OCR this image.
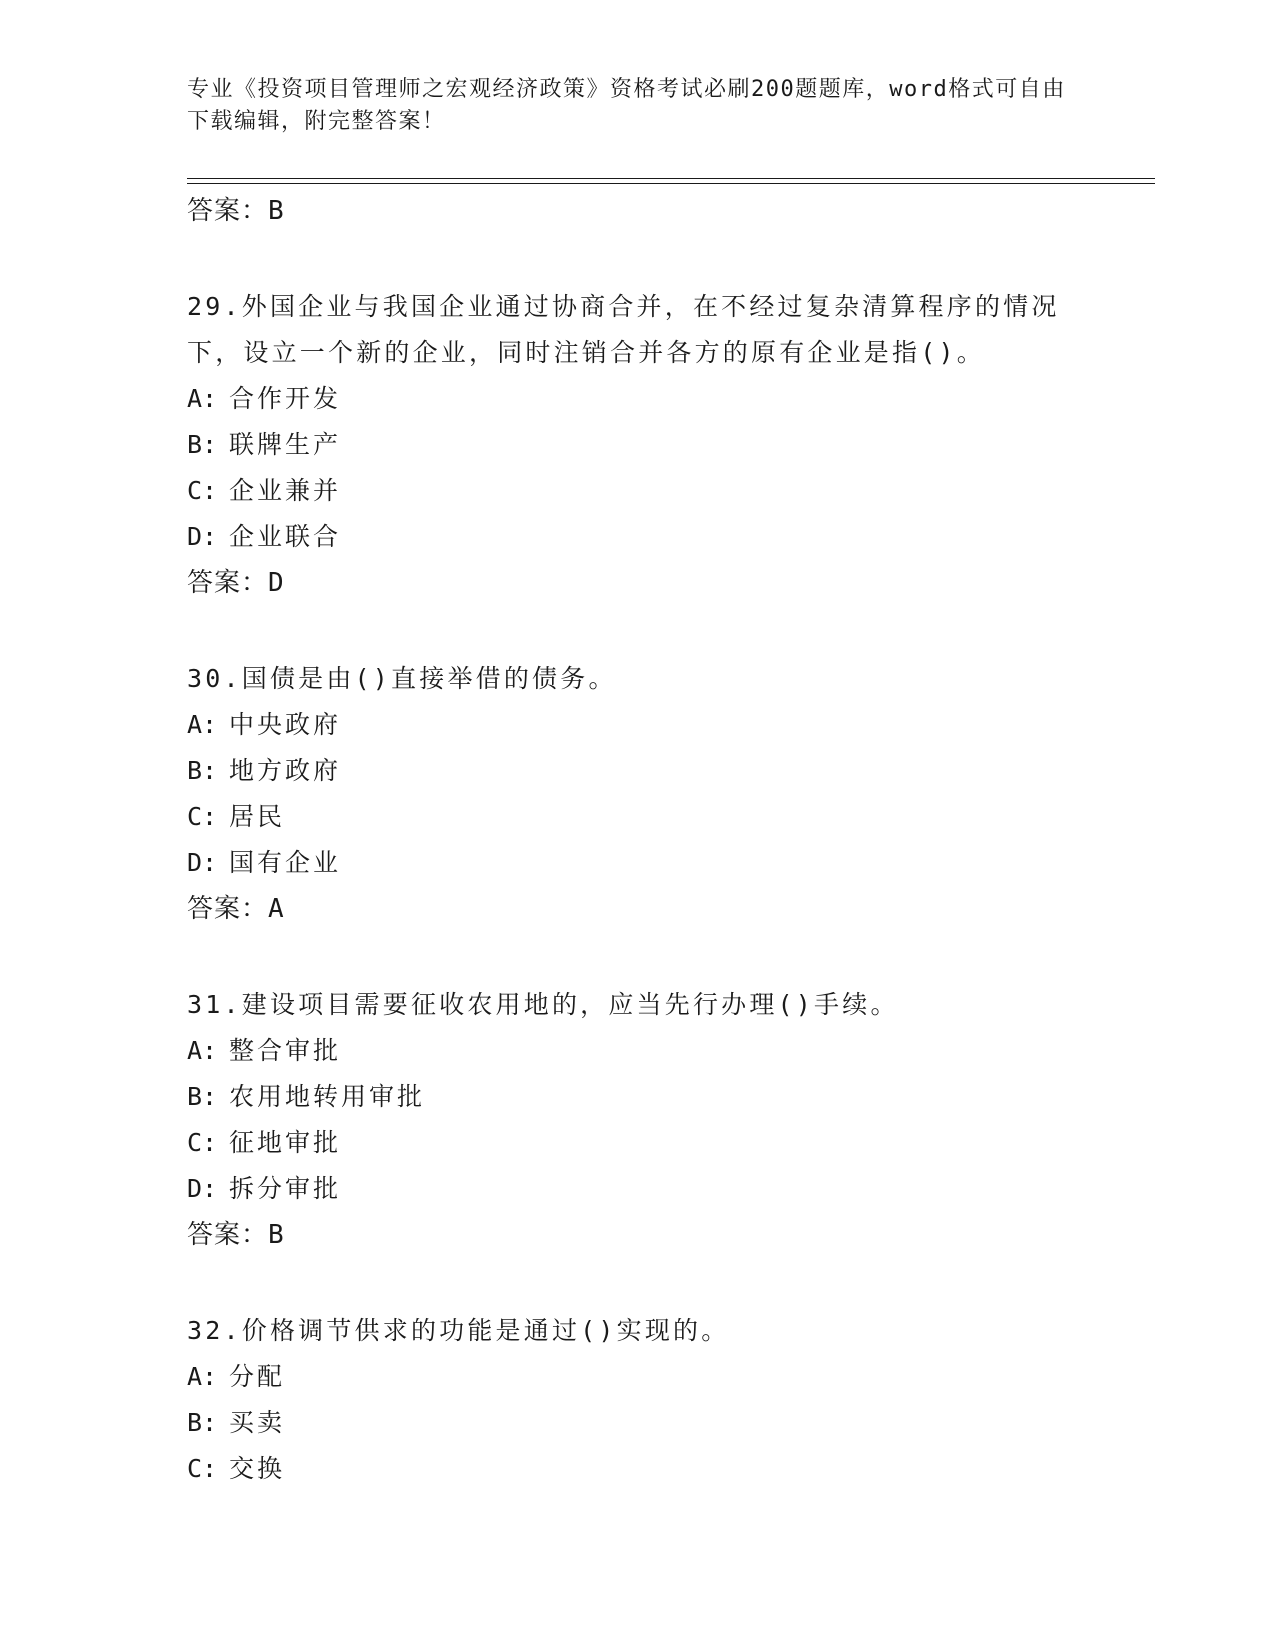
专业《投资项目管理师之宏观经济政策》资格考试必刷200题题库，word格式可自由下载编辑，附完整答案！
答案：B
29.外国企业与我国企业通过协商合并，在不经过复杂清算程序的情况下，设立一个新的企业，同时注销合并各方的原有企业是指()。
A: 合作开发
B: 联牌生产
C: 企业兼并
D: 企业联合
答案：D
30.国债是由()直接举借的债务。
A: 中央政府
B: 地方政府
C: 居民
D: 国有企业
答案：A
31.建设项目需要征收农用地的，应当先行办理()手续。
A: 整合审批
B: 农用地转用审批
C: 征地审批
D: 拆分审批
答案：B
32.价格调节供求的功能是通过()实现的。
A: 分配
B: 买卖
C: 交换
